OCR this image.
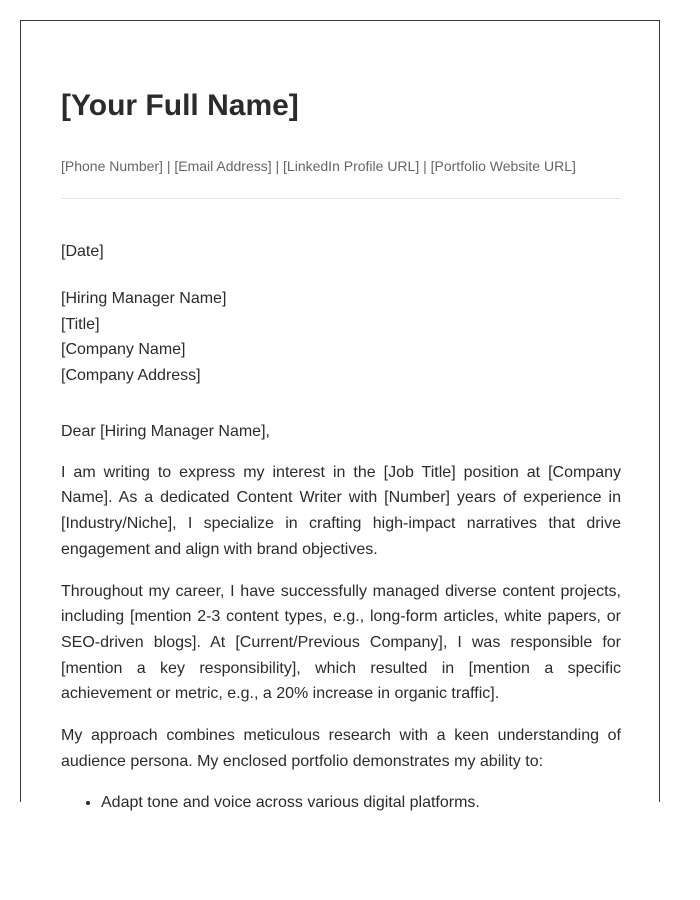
[Your Full Name]
[Phone Number] | [Email Address] | [LinkedIn Profile URL] | [Portfolio Website URL]
[Date]
[Hiring Manager Name]
[Title]
[Company Name]
[Company Address]

Dear [Hiring Manager Name],

I am writing to express my interest in the [Job Title] position at [Company Name]. As a dedicated Content Writer with [Number] years of experience in [Industry/Niche], I specialize in crafting high-impact narratives that drive engagement and align with brand objectives.

Throughout my career, I have successfully managed diverse content projects, including [mention 2-3 content types, e.g., long-form articles, white papers, or SEO-driven blogs]. At [Current/Previous Company], I was responsible for [mention a key responsibility], which resulted in [mention a specific achievement or metric, e.g., a 20% increase in organic traffic].

My approach combines meticulous research with a keen understanding of audience persona. My enclosed portfolio demonstrates my ability to:

• Adapt tone and voice across various digital platforms.
